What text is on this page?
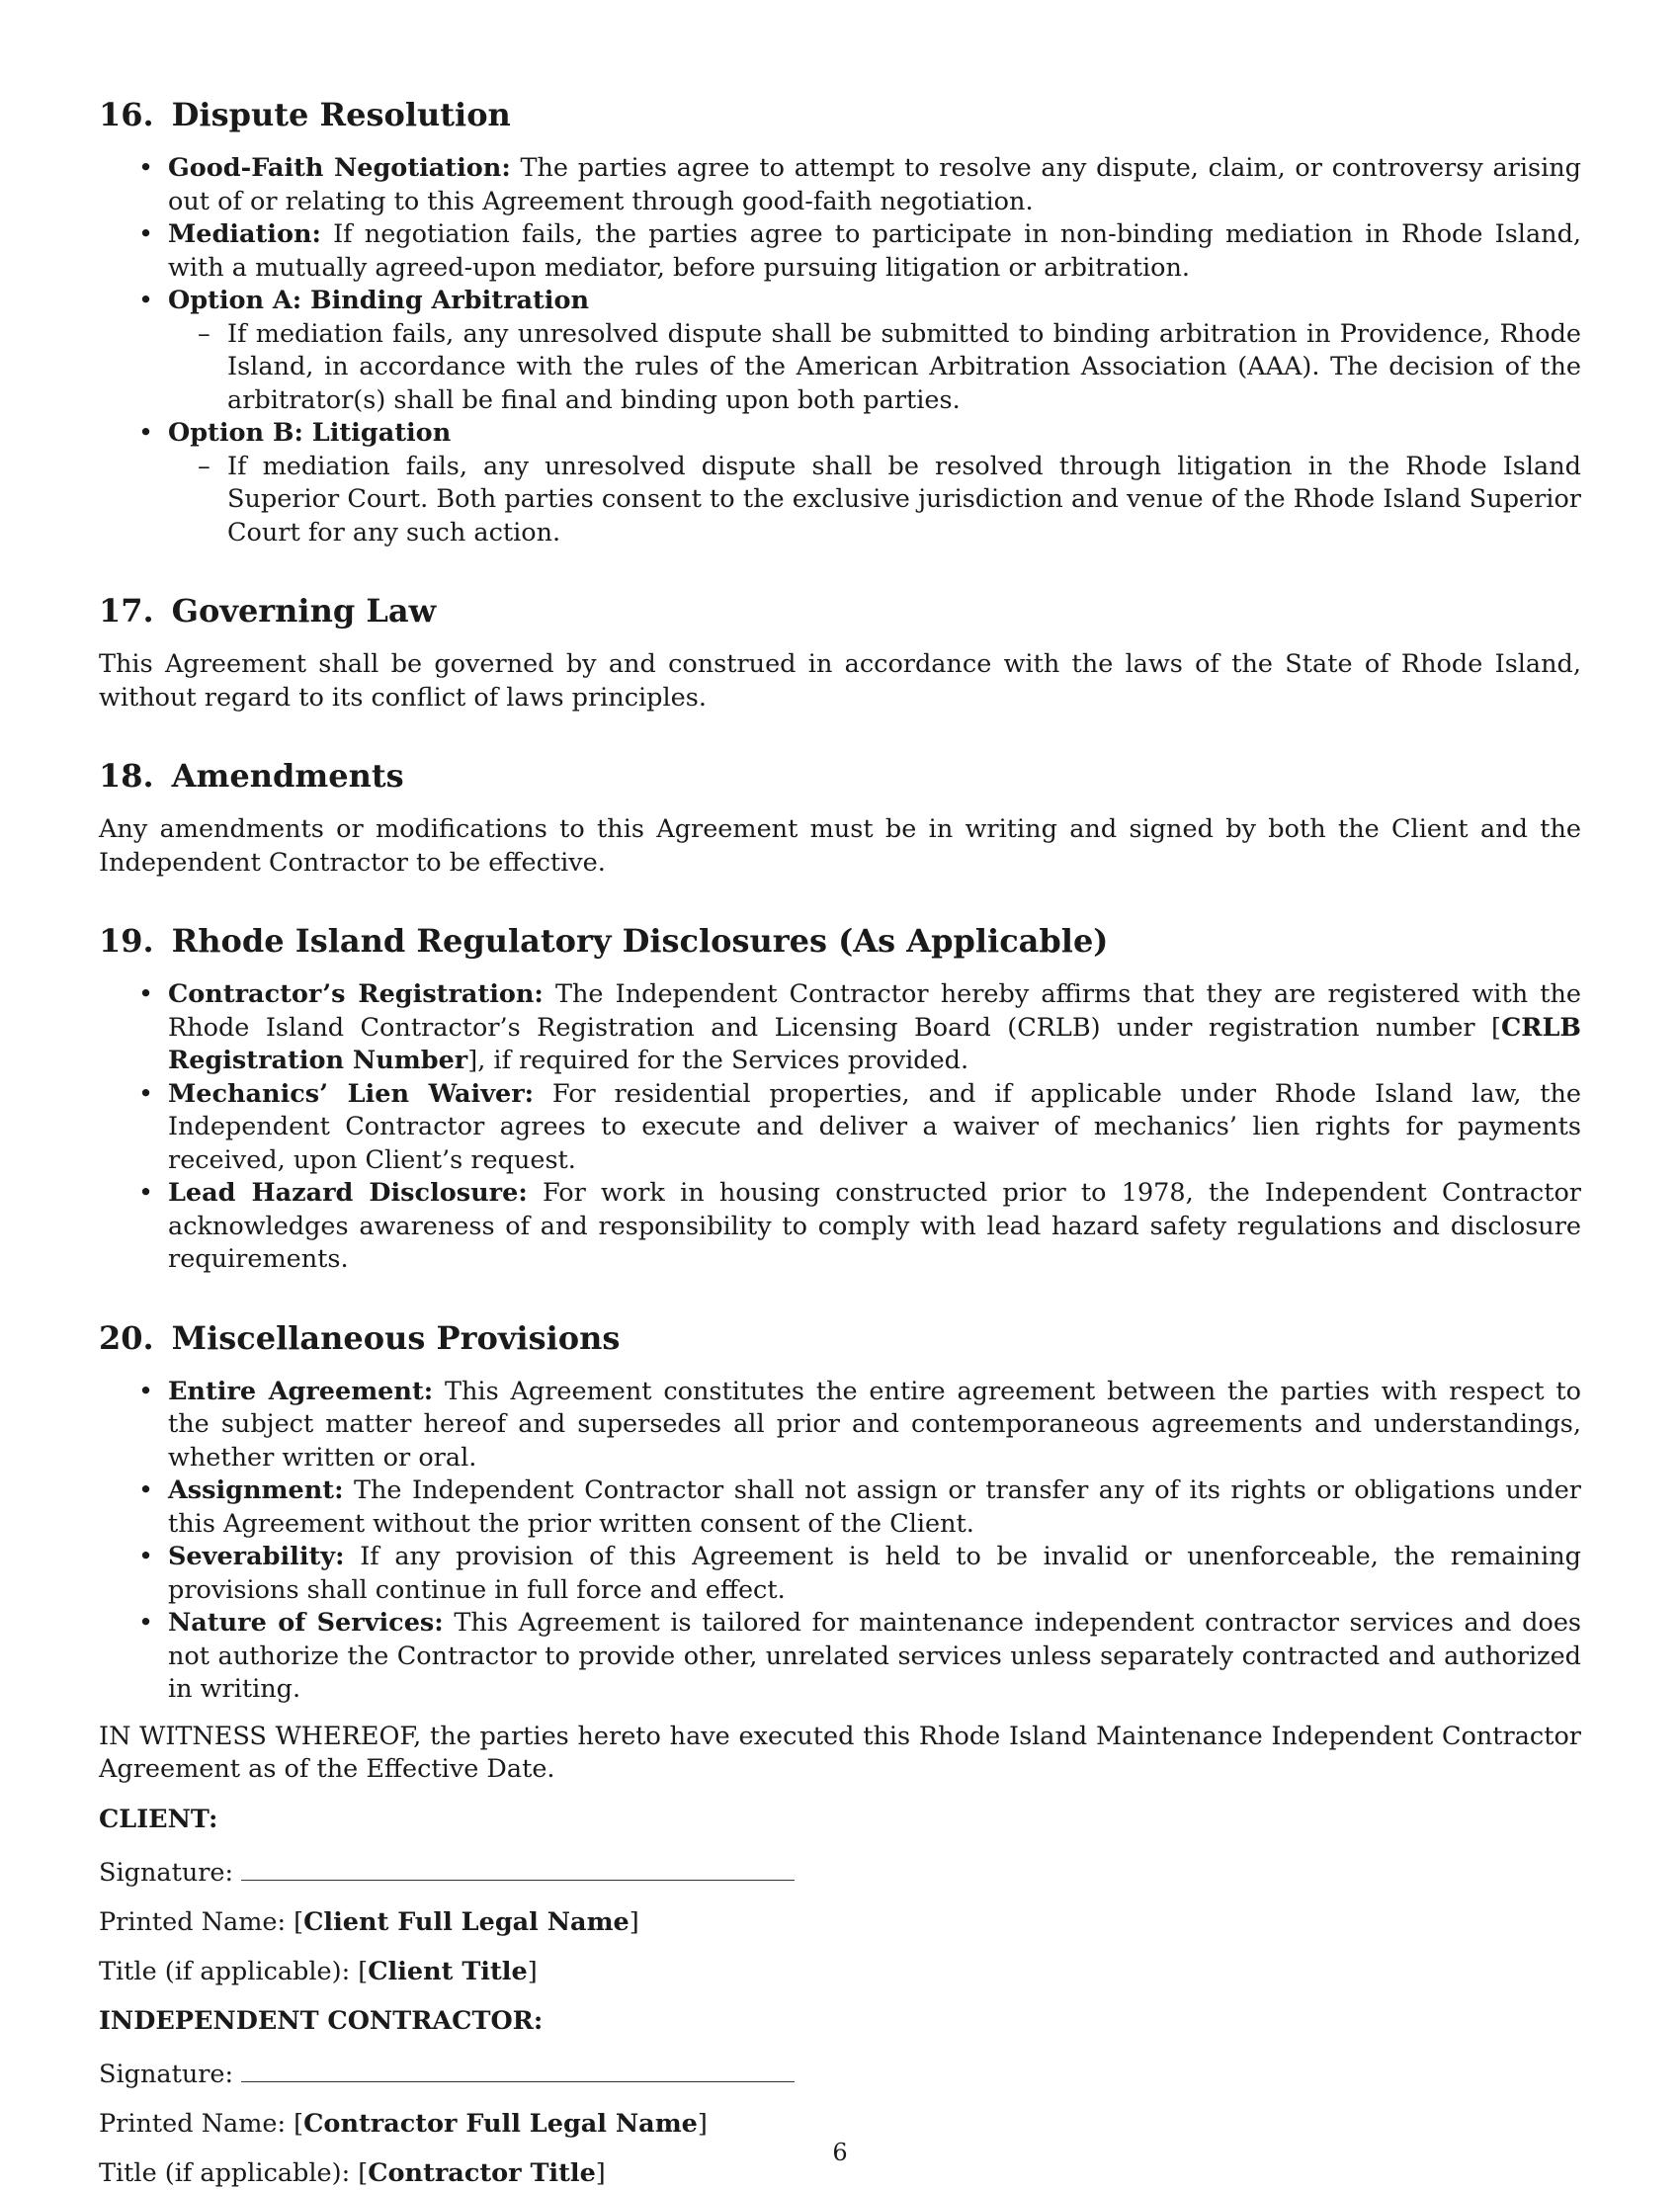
16. Dispute Resolution
• Good-Faith Negotiation: The parties agree to attempt to resolve any dispute, claim, or controversy arising out of or relating to this Agreement through good-faith negotiation.
• Mediation: If negotiation fails, the parties agree to participate in non-binding mediation in Rhode Island, with a mutually agreed-upon mediator, before pursuing litigation or arbitration.
• Option A: Binding Arbitration
– If mediation fails, any unresolved dispute shall be submitted to binding arbitration in Providence, Rhode Island, in accordance with the rules of the American Arbitration Association (AAA). The decision of the arbitrator(s) shall be final and binding upon both parties.
• Option B: Litigation
– If mediation fails, any unresolved dispute shall be resolved through litigation in the Rhode Island Superior Court. Both parties consent to the exclusive jurisdiction and venue of the Rhode Island Superior Court for any such action.
17. Governing Law

This Agreement shall be governed by and construed in accordance with the laws of the State of Rhode Island, without regard to its conflict of laws principles.

18. Amendments

Any amendments or modifications to this Agreement must be in writing and signed by both the Client and the Independent Contractor to be effective.

19. Rhode Island Regulatory Disclosures (As Applicable)
• Contractor’s Registration: The Independent Contractor hereby affirms that they are registered with the Rhode Island Contractor’s Registration and Licensing Board (CRLB) under registration number [CRLB Registration Number], if required for the Services provided.
• Mechanics’ Lien Waiver: For residential properties, and if applicable under Rhode Island law, the Independent Contractor agrees to execute and deliver a waiver of mechanics’ lien rights for payments received, upon Client’s request.
• Lead Hazard Disclosure: For work in housing constructed prior to 1978, the Independent Contractor acknowledges awareness of and responsibility to comply with lead hazard safety regulations and disclosure requirements.
20. Miscellaneous Provisions
• Entire Agreement: This Agreement constitutes the entire agreement between the parties with respect to the subject matter hereof and supersedes all prior and contemporaneous agreements and understandings, whether written or oral.
• Assignment: The Independent Contractor shall not assign or transfer any of its rights or obligations under this Agreement without the prior written consent of the Client.
• Severability: If any provision of this Agreement is held to be invalid or unenforceable, the remaining provisions shall continue in full force and effect.
• Nature of Services: This Agreement is tailored for maintenance independent contractor services and does not authorize the Contractor to provide other, unrelated services unless separately contracted and authorized in writing.

IN WITNESS WHEREOF, the parties hereto have executed this Rhode Island Maintenance Independent Contractor Agreement as of the Effective Date.

CLIENT:

Signature:

Printed Name: [Client Full Legal Name]

Title (if applicable): [Client Title]

INDEPENDENT CONTRACTOR:

Signature:

Printed Name: [Contractor Full Legal Name]

Title (if applicable): [Contractor Title]

6
